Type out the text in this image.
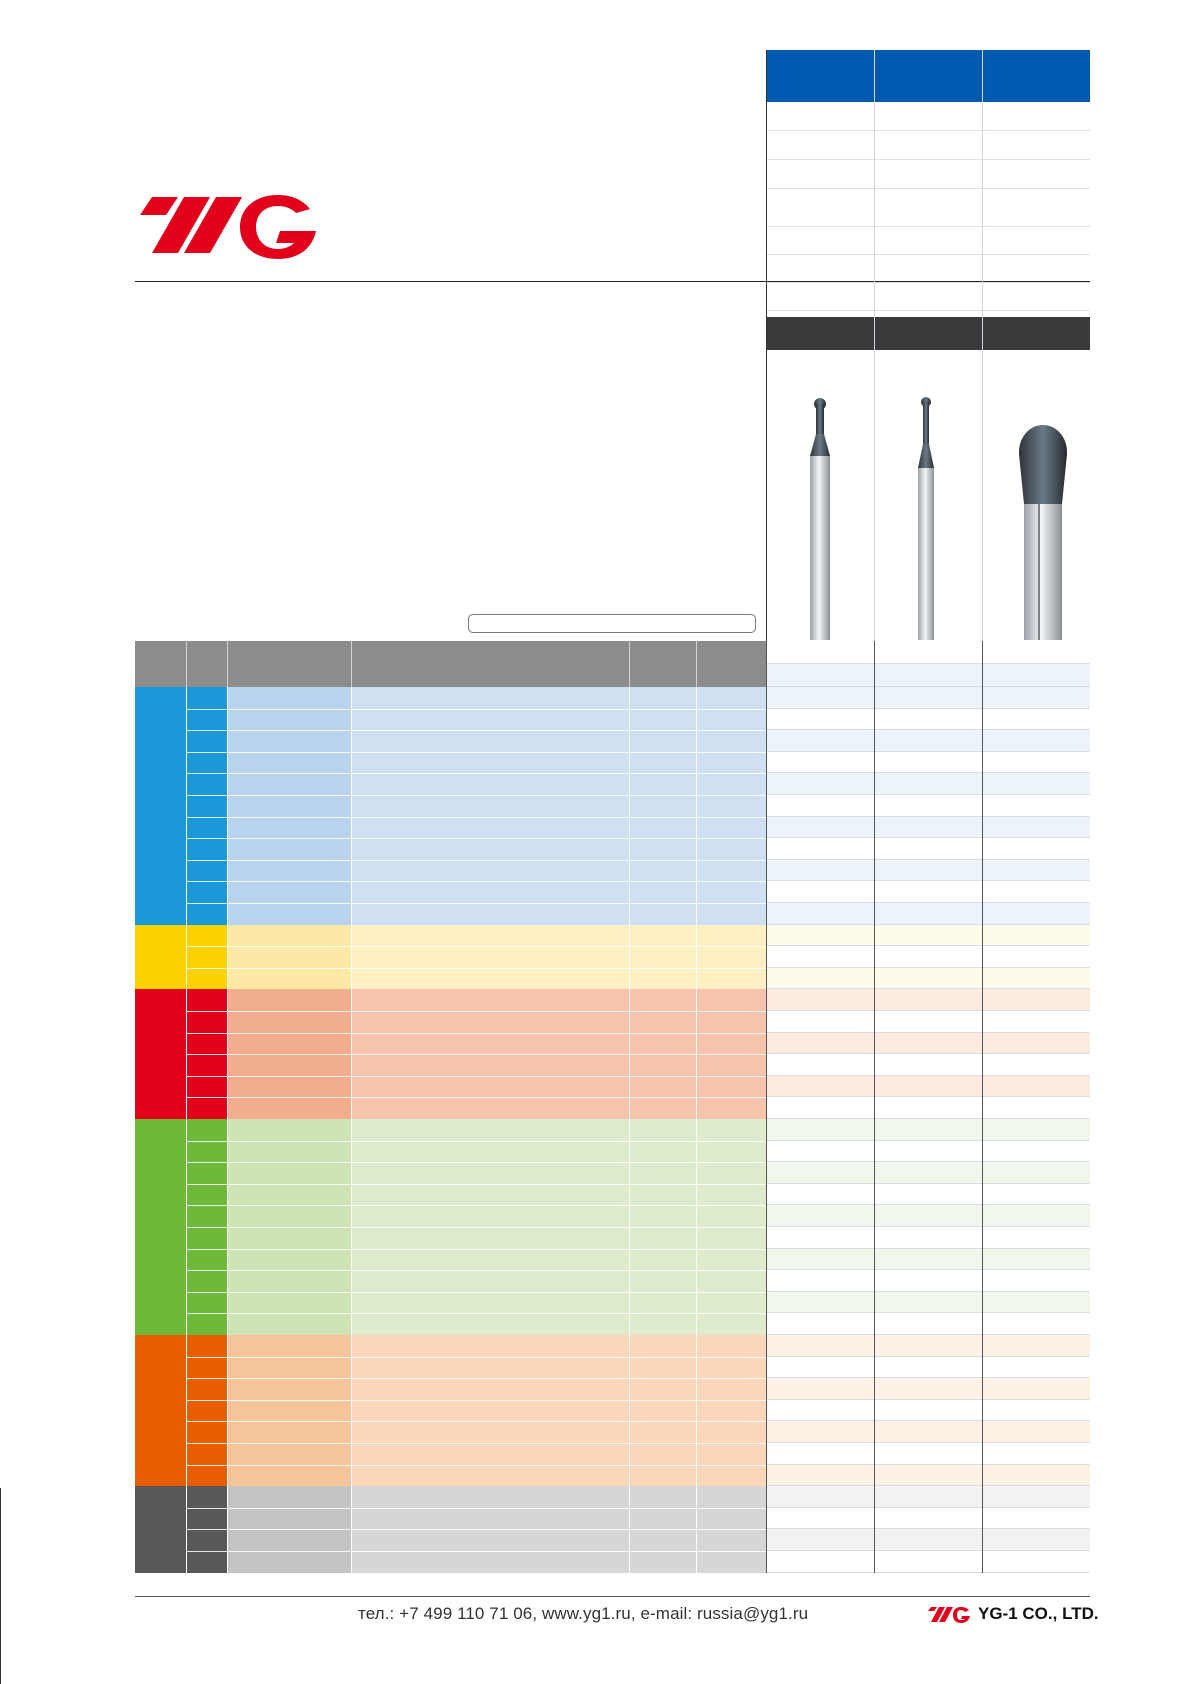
тел.: +7 499 110 71 06, www.yg1.ru, e-mail: russia@yg1.ru	YG-1 CO., LTD.
